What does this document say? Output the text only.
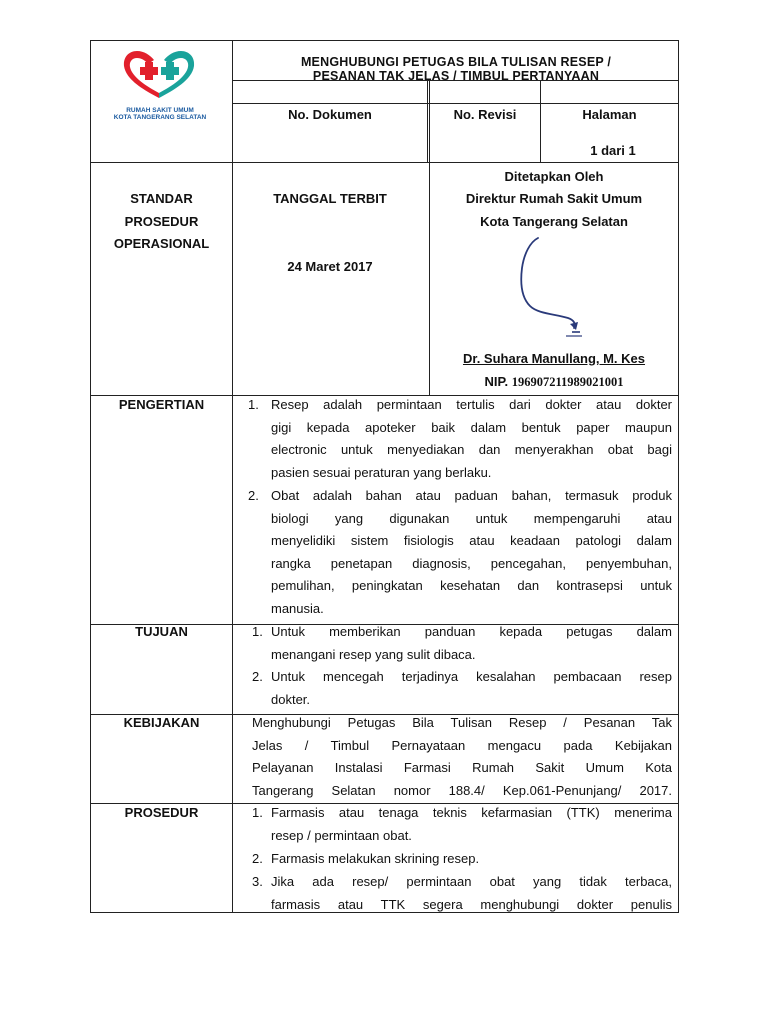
RUMAH SAKIT UMUM
KOTA TANGERANG SELATAN
MENGHUBUNGI PETUGAS BILA TULISAN RESEP /
PESANAN TAK JELAS / TIMBUL PERTANYAAN
No. Dokumen	No. Revisi	Halaman
1 dari 1
STANDAR
PROSEDUR
OPERASIONAL
TANGGAL TERBIT
24 Maret 2017
Ditetapkan Oleh
Direktur Rumah Sakit Umum
Kota Tangerang Selatan
Dr. Suhara Manullang, M. Kes
NIP. 196907211989021001
PENGERTIAN	1. Resep adalah permintaan tertulis dari dokter atau dokter
gigi kepada apoteker baik dalam bentuk paper maupun
electronic untuk menyediakan dan menyerakhan obat bagi
pasien sesuai peraturan yang berlaku.
2. Obat adalah bahan atau paduan bahan, termasuk produk
biologi yang digunakan untuk mempengaruhi atau
menyelidiki sistem fisiologis atau keadaan patologi dalam
rangka penetapan diagnosis, pencegahan, penyembuhan,
pemulihan, peningkatan kesehatan dan kontrasepsi untuk
manusia.
TUJUAN	1. Untuk memberikan panduan kepada petugas dalam
menangani resep yang sulit dibaca.
2. Untuk mencegah terjadinya kesalahan pembacaan resep
dokter.
KEBIJAKAN	Menghubungi Petugas Bila Tulisan Resep / Pesanan Tak
Jelas / Timbul Pernayataan mengacu pada Kebijakan
Pelayanan Instalasi Farmasi Rumah Sakit Umum Kota
Tangerang Selatan nomor 188.4/ Kep.061-Penunjang/ 2017.
PROSEDUR	1. Farmasis atau tenaga teknis kefarmasian (TTK) menerima
resep / permintaan obat.
2. Farmasis melakukan skrining resep.
3. Jika ada resep/ permintaan obat yang tidak terbaca,
farmasis atau TTK segera menghubungi dokter penulis
